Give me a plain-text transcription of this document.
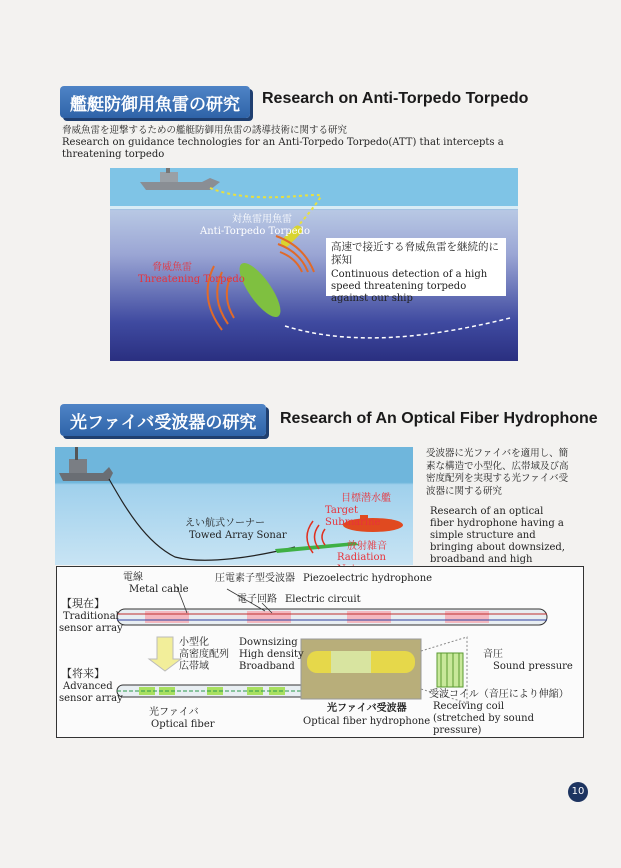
艦艇防御用魚雷の研究	Research on Anti-Torpedo Torpedo
脅威魚雷を迎撃するための艦艇防御用魚雷の誘導技術に関する研究
Research on guidance technologies for an Anti-Torpedo Torpedo(ATT) that intercepts a threatening torpedo
対魚雷用魚雷
Anti-Torpedo Torpedo
脅威魚雷
Threatening Torpedo
高速で接近する脅威魚雷を継続的に探知
Continuous detection of a high speed threatening torpedo against our ship
光ファイバ受波器の研究	Research of An Optical Fiber Hydrophone
えい航式ソーナー
Towed Array Sonar
目標潜水艦
Target Submarine
放射雑音
Radiation
受波器に光ファイバを適用し、簡素な構造で小型化、広帯域及び高密度配列を実現する光ファイバ受波器に関する研究
Research of an optical fiber hydrophone having a simple structure and bringing about downsized, broadband and high
電線
Metal cable
圧電素子型受波器 Piezoelectric hydrophone
電子回路 Electric circuit
【現在】
Traditional
sensor array
小型化
高密度配列
広帯域
Downsizing
High density
Broadband
【将来】
Advanced
sensor array
光ファイバ
Optical fiber
光ファイバ受波器
Optical fiber hydrophone
音圧
Sound pressure
受波コイル（音圧により伸縮）
Receiving coil
(stretched by sound pressure)
10
